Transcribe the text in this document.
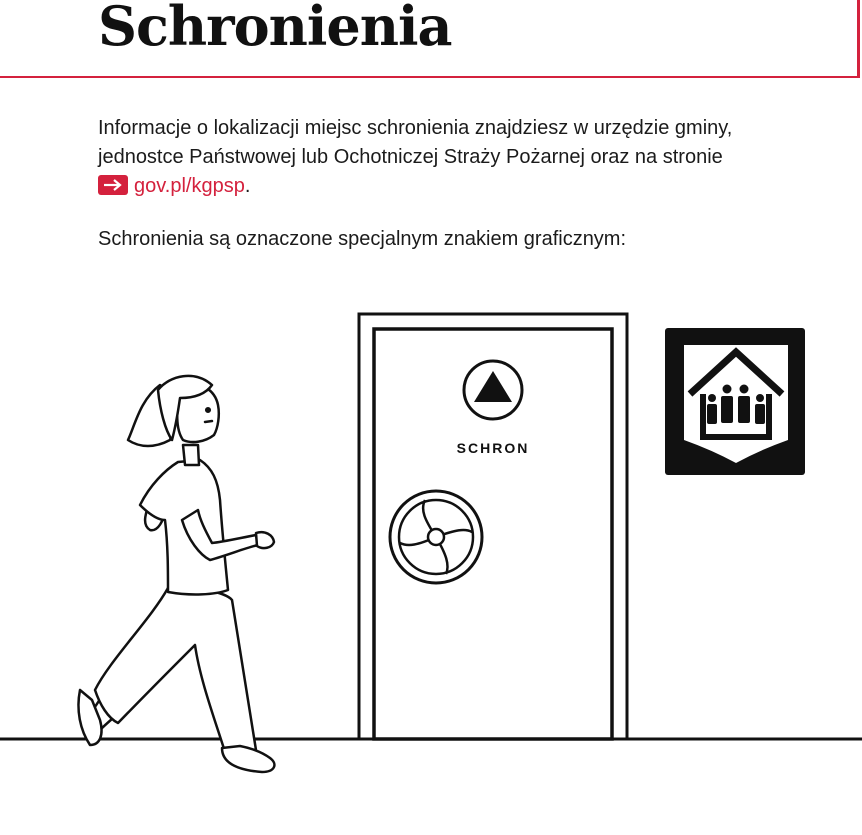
Schronienia

Informacje o lokalizacji miejsc schronienia znajdziesz w urzędzie gminy, jednostce Państwowej lub Ochotniczej Straży Pożarnej oraz na stronie
gov.pl/kgpsp.

Schronienia są oznaczone specjalnym znakiem graficznym:

SCHRON
